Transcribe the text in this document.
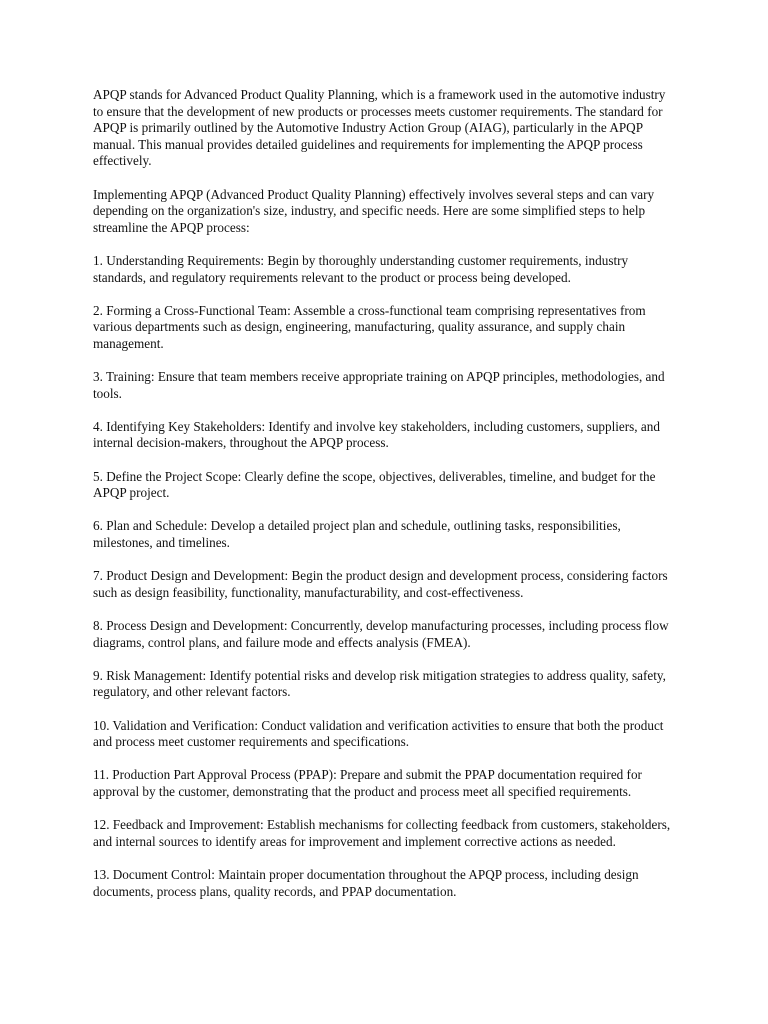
APQP stands for Advanced Product Quality Planning, which is a framework used in the automotive industry to ensure that the development of new products or processes meets customer requirements. The standard for APQP is primarily outlined by the Automotive Industry Action Group (AIAG), particularly in the APQP manual. This manual provides detailed guidelines and requirements for implementing the APQP process effectively.

Implementing APQP (Advanced Product Quality Planning) effectively involves several steps and can vary depending on the organization's size, industry, and specific needs. Here are some simplified steps to help streamline the APQP process:

1. Understanding Requirements: Begin by thoroughly understanding customer requirements, industry standards, and regulatory requirements relevant to the product or process being developed.

2. Forming a Cross-Functional Team: Assemble a cross-functional team comprising representatives from various departments such as design, engineering, manufacturing, quality assurance, and supply chain management.

3. Training: Ensure that team members receive appropriate training on APQP principles, methodologies, and tools.

4. Identifying Key Stakeholders: Identify and involve key stakeholders, including customers, suppliers, and internal decision-makers, throughout the APQP process.

5. Define the Project Scope: Clearly define the scope, objectives, deliverables, timeline, and budget for the APQP project.

6. Plan and Schedule: Develop a detailed project plan and schedule, outlining tasks, responsibilities, milestones, and timelines.

7. Product Design and Development: Begin the product design and development process, considering factors such as design feasibility, functionality, manufacturability, and cost-effectiveness.

8. Process Design and Development: Concurrently, develop manufacturing processes, including process flow diagrams, control plans, and failure mode and effects analysis (FMEA).

9. Risk Management: Identify potential risks and develop risk mitigation strategies to address quality, safety, regulatory, and other relevant factors.

10. Validation and Verification: Conduct validation and verification activities to ensure that both the product and process meet customer requirements and specifications.

11. Production Part Approval Process (PPAP): Prepare and submit the PPAP documentation required for approval by the customer, demonstrating that the product and process meet all specified requirements.

12. Feedback and Improvement: Establish mechanisms for collecting feedback from customers, stakeholders, and internal sources to identify areas for improvement and implement corrective actions as needed.

13. Document Control: Maintain proper documentation throughout the APQP process, including design documents, process plans, quality records, and PPAP documentation.
